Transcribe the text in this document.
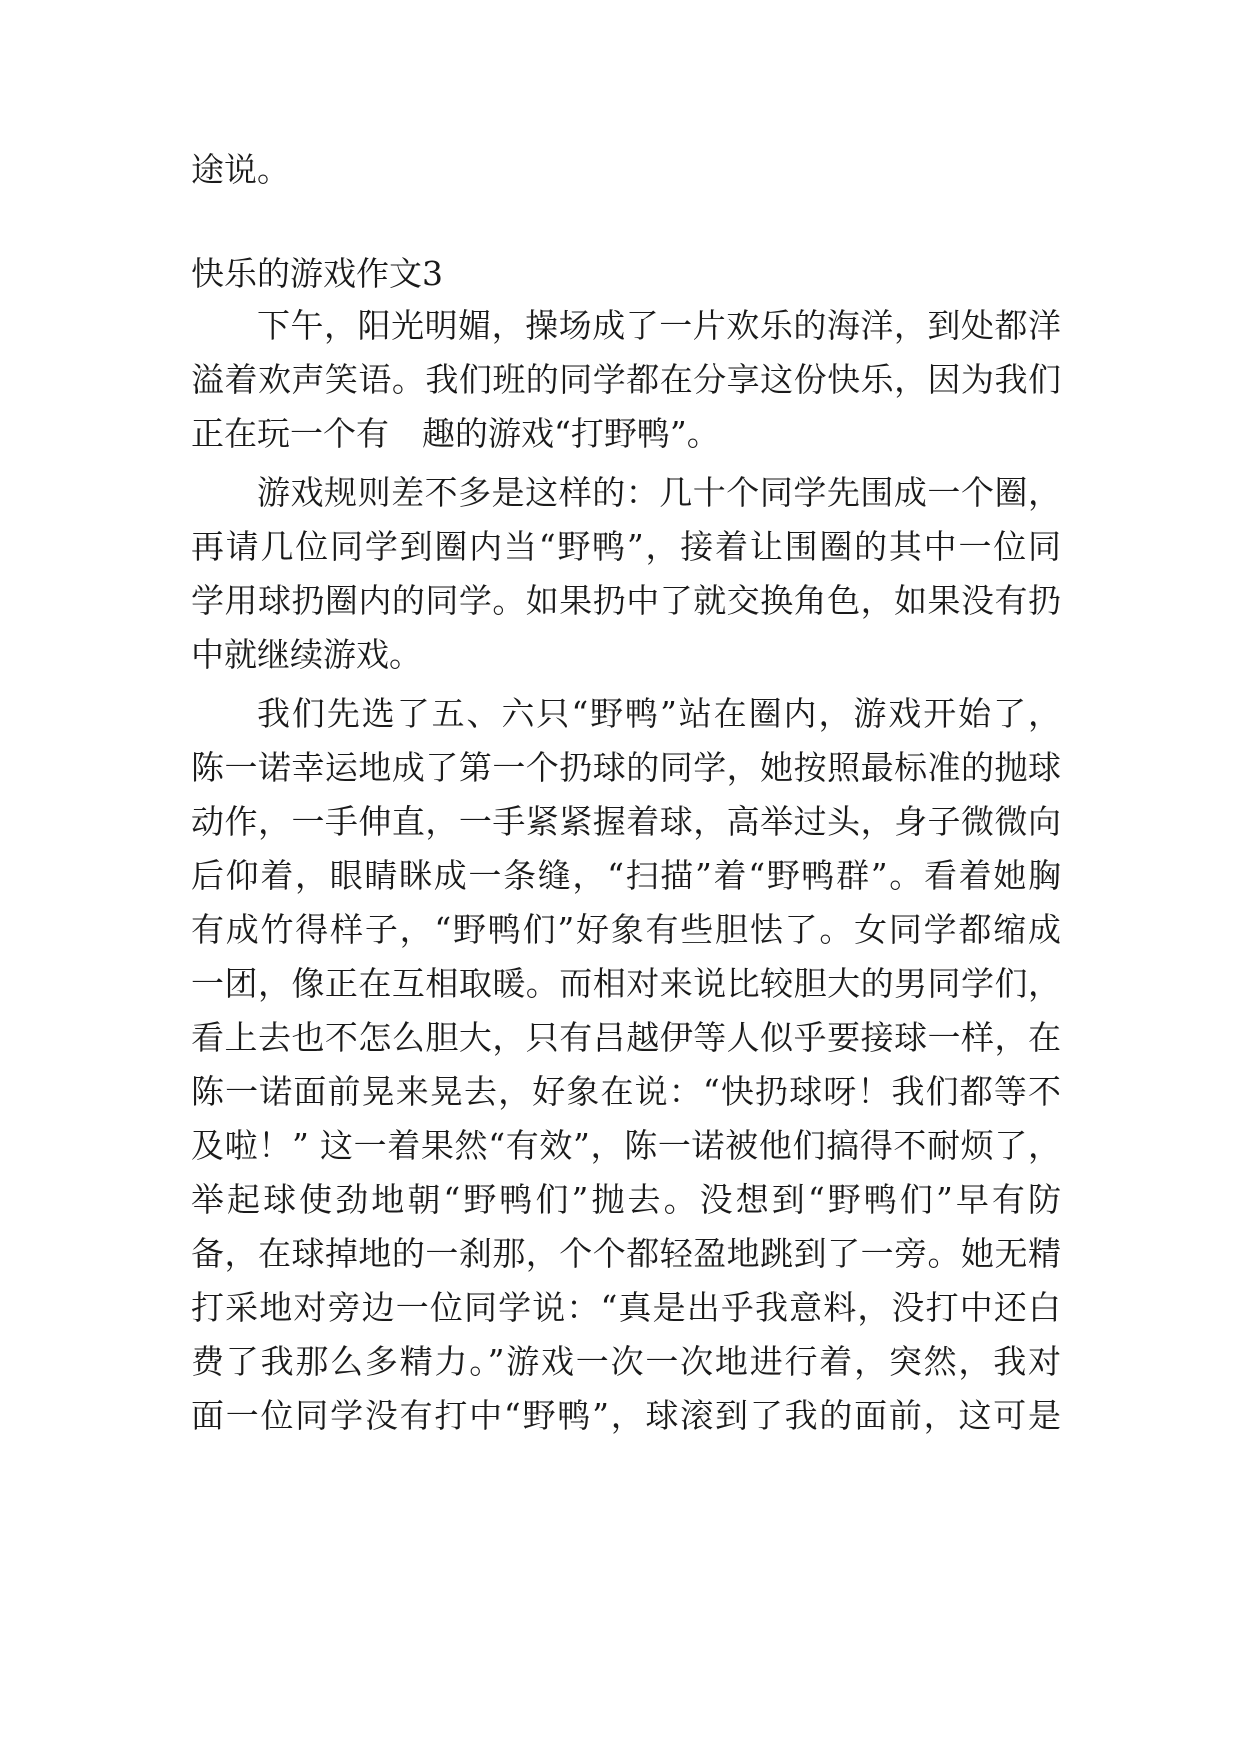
途说。
快乐的游戏作文3
下午，阳光明媚，操场成了一片欢乐的海洋，到处都洋
溢着欢声笑语。我们班的同学都在分享这份快乐，因为我们
正在玩一个有　趣的游戏“打野鸭”。
游戏规则差不多是这样的：几十个同学先围成一个圈，
再请几位同学到圈内当“野鸭”，接着让围圈的其中一位同
学用球扔圈内的同学。如果扔中了就交换角色，如果没有扔
中就继续游戏。
我们先选了五、六只“野鸭”站在圈内，游戏开始了，
陈一诺幸运地成了第一个扔球的同学，她按照最标准的抛球
动作，一手伸直，一手紧紧握着球，高举过头，身子微微向
后仰着，眼睛眯成一条缝，“扫描”着“野鸭群”。看着她胸
有成竹得样子，“野鸭们”好象有些胆怯了。女同学都缩成
一团，像正在互相取暖。而相对来说比较胆大的男同学们，
看上去也不怎么胆大，只有吕越伊等人似乎要接球一样，在
陈一诺面前晃来晃去，好象在说：“快扔球呀！我们都等不
及啦！” 这一着果然“有效”，陈一诺被他们搞得不耐烦了，
举起球使劲地朝“野鸭们”抛去。没想到“野鸭们”早有防
备，在球掉地的一刹那，个个都轻盈地跳到了一旁。她无精
打采地对旁边一位同学说：“真是出乎我意料，没打中还白
费了我那么多精力。”游戏一次一次地进行着，突然，我对
面一位同学没有打中“野鸭”，球滚到了我的面前，这可是
